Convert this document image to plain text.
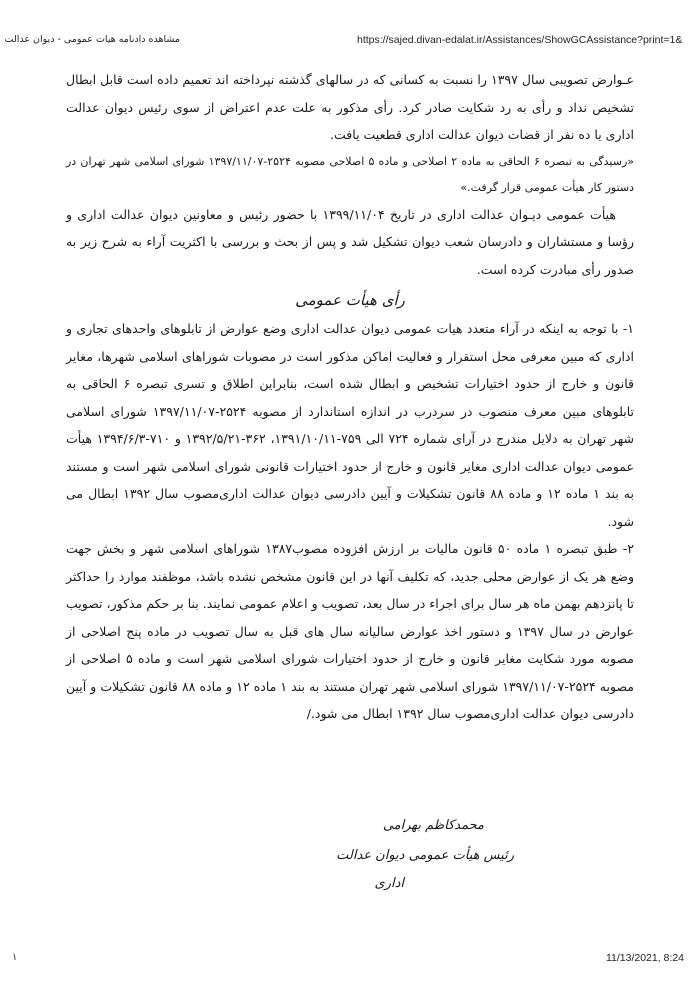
https://sajed.divan-edalat.ir/Assistances/ShowGCAssistance?print=1&
مشاهده دادنامه هیات عمومی - دیوان عدالت

عـوارض تصویبی سال ۱۳۹۷ را نسبت به کسانی که در سالهای گذشته نپرداخته اند تعمیم داده است قابل ابطال تشخیص نداد و رأی به رد شکایت صادر کرد. رأی مذکور به علت عدم اعتراض از سوی رئیس دیوان عدالت اداری یا ده نفر از قضات دیوان عدالت اداری قطعیت یافت.

«رسیدگی به تبصره ۶ الحاقی به ماده ۲ اصلاحی و ماده ۵ اصلاحی مصوبه ۲۵۲۴-۱۳۹۷/۱۱/۰۷ شورای اسلامی شهر تهران در دستور کار هیأت عمومی قرار گرفت.»

هیأت عمومی دیـوان عدالت اداری در تاریخ ۱۳۹۹/۱۱/۰۴ با حضور رئیس و معاونین دیوان عدالت اداری و رؤسا و مستشاران و دادرسان شعب دیوان تشکیل شد و پس از بحث و بررسی با اکثریت آراء به شرح زیر به صدور رأی مبادرت کرده است.

رأی هیأت عمومی

۱- با توجه به اینکه در آراء متعدد هیات عمومی دیوان عدالت اداری وضع عوارض از تابلوهای واحدهای تجاری و اداری که مبین معرفی محل استقرار و فعالیت اماکن مذکور است در مصوبات شوراهای اسلامی شهرها، مغایر قانون و خارج از حدود اختیارات تشخیص و ابطال شده است، بنابراین اطلاق و تسری تبصره ۶ الحاقی به تابلوهای مبین معرف منصوب در سردرب در اندازه استاندارد از مصوبه ۲۵۲۴-۱۳۹۷/۱۱/۰۷ شورای اسلامی شهر تهران به دلایل مندرج در آرای شماره ۷۲۴ الی ۷۵۹-۱۳۹۱/۱۰/۱۱، ۳۶۲-۱۳۹۲/۵/۲۱ و ۷۱۰-۱۳۹۴/۶/۳ هیأت عمومی دیوان عدالت اداری مغایر قانون و خارج از حدود اختیارات قانونی شورای اسلامی شهر است و مستند به بند ۱ ماده ۱۲ و ماده ۸۸ قانون تشکیلات و آیین دادرسی دیوان عدالت اداری‌مصوب سال ۱۳۹۲ ابطال می شود.

۲- طبق تبصره ۱ ماده ۵۰ قانون مالیات بر ارزش افزوده مصوب۱۳۸۷ شوراهای اسلامی شهر و بخش جهت وضع هر یک از عوارض محلی جدید، که تکلیف آنها در این قانون مشخص نشده باشد، موظفند موارد را حداکثر تا پانزدهم بهمن ماه هر سال برای اجراء در سال بعد، تصویب و اعلام عمومی نمایند. بنا بر حکم مذکور، تصویب عوارض در سال ۱۳۹۷ و دستور اخذ عوارض سالیانه سال های قبل به سال تصویب در ماده پنج اصلاحی از مصوبه مورد شکایت مغایر قانون و خارج از حدود اختیارات شورای اسلامی شهر است و ماده ۵ اصلاحی از مصوبه ۲۵۲۴-۱۳۹۷/۱۱/۰۷ شورای اسلامی شهر تهران مستند به بند ۱ ماده ۱۲ و ماده ۸۸ قانون تشکیلات و آیین دادرسی دیوان عدالت اداری‌مصوب سال ۱۳۹۲ ابطال می شود./

محمدکاظم بهرامی
رئیس هیأت عمومی دیوان عدالت
اداری
۱	11/13/2021, 8:24
